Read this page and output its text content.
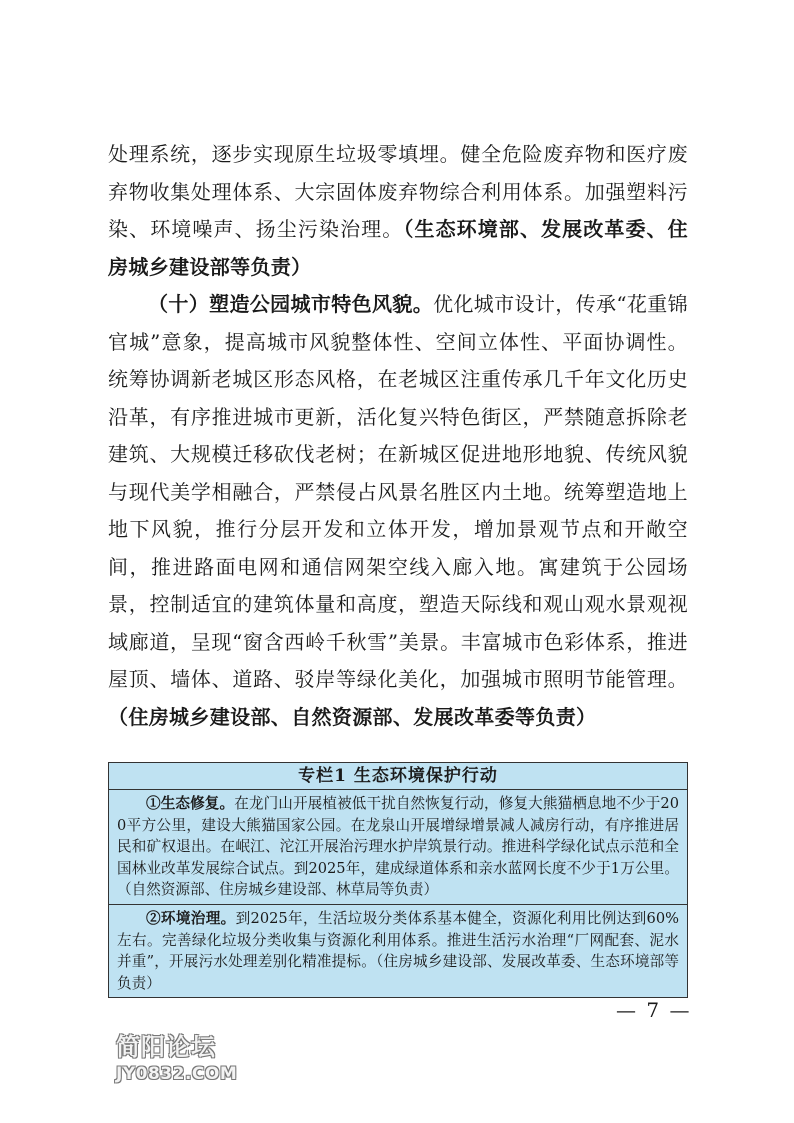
处理系统，逐步实现原生垃圾零填埋。健全危险废弃物和医疗废弃物收集处理体系、大宗固体废弃物综合利用体系。加强塑料污染、环境噪声、扬尘污染治理。（生态环境部、发展改革委、住房城乡建设部等负责）

（十）塑造公园城市特色风貌。优化城市设计，传承“花重锦官城”意象，提高城市风貌整体性、空间立体性、平面协调性。统筹协调新老城区形态风格，在老城区注重传承几千年文化历史沿革，有序推进城市更新，活化复兴特色街区，严禁随意拆除老建筑、大规模迁移砍伐老树；在新城区促进地形地貌、传统风貌与现代美学相融合，严禁侵占风景名胜区内土地。统筹塑造地上地下风貌，推行分层开发和立体开发，增加景观节点和开敞空间，推进路面电网和通信网架空线入廊入地。寓建筑于公园场景，控制适宜的建筑体量和高度，塑造天际线和观山观水景观视域廊道，呈现“窗含西岭千秋雪”美景。丰富城市色彩体系，推进屋顶、墙体、道路、驳岸等绿化美化，加强城市照明节能管理。（住房城乡建设部、自然资源部、发展改革委等负责）

专栏1 生态环境保护行动

①生态修复。在龙门山开展植被低干扰自然恢复行动，修复大熊猫栖息地不少于200平方公里，建设大熊猫国家公园。在龙泉山开展增绿增景减人减房行动，有序推进居民和矿权退出。在岷江、沱江开展治污理水护岸筑景行动。推进科学绿化试点示范和全国林业改革发展综合试点。到2025年，建成绿道体系和亲水蓝网长度不少于1万公里。（自然资源部、住房城乡建设部、林草局等负责）

②环境治理。到2025年，生活垃圾分类体系基本健全，资源化利用比例达到60%左右。完善绿化垃圾分类收集与资源化利用体系。推进生活污水治理“厂网配套、泥水并重”，开展污水处理差别化精准提标。（住房城乡建设部、发展改革委、生态环境部等负责）

— 7 —
简阳论坛
JY0832.COM
